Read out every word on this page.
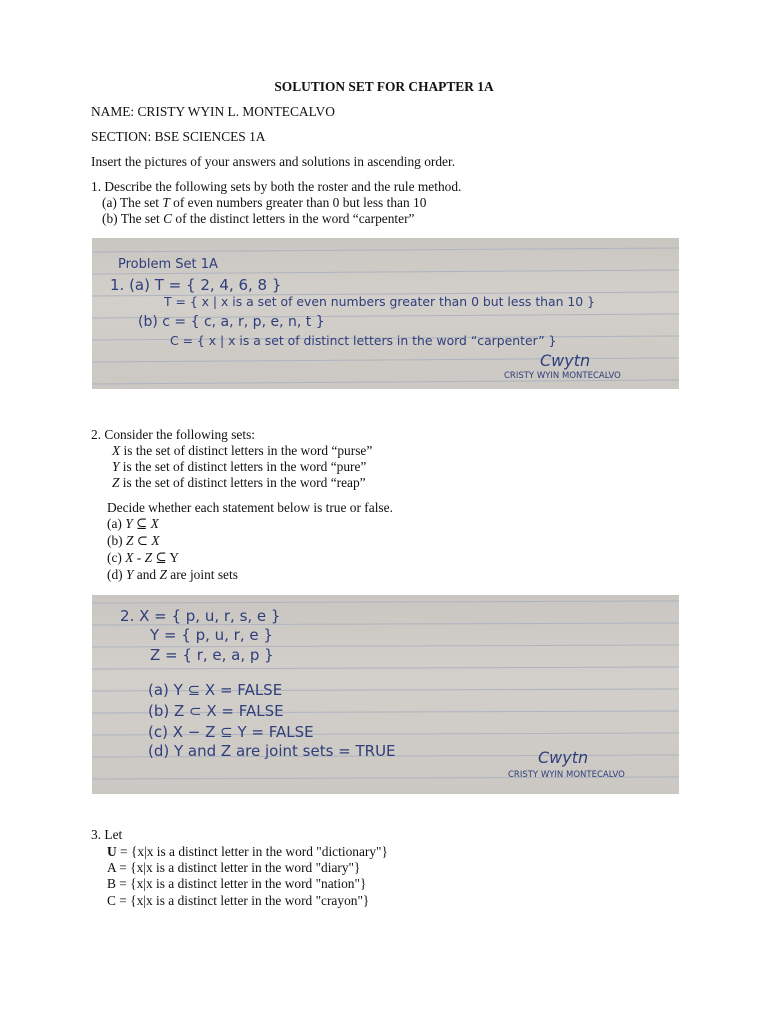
SOLUTION SET FOR CHAPTER 1A
NAME: CRISTY WYIN L. MONTECALVO
SECTION: BSE SCIENCES 1A
Insert the pictures of your answers and solutions in ascending order.
1. Describe the following sets by both the roster and the rule method.
(a) The set T of even numbers greater than 0 but less than 10
(b) The set C of the distinct letters in the word “carpenter”
Problem Set 1A
1. (a) T = { 2, 4, 6, 8 }
T = { x | x is a set of even numbers greater than 0 but less than 10 }
(b) c = { c, a, r, p, e, n, t }
C = { x | x is a set of distinct letters in the word “carpenter” }
Cwytn
CRISTY WYIN MONTECALVO
2. Consider the following sets:
X is the set of distinct letters in the word “purse”
Y is the set of distinct letters in the word “pure”
Z is the set of distinct letters in the word “reap”
Decide whether each statement below is true or false.
(a) Y ⊆ X
(b) Z ⊂ X
(c) X - Z ⊆ Y
(d) Y and Z are joint sets
2. X = { p, u, r, s, e }
Y = { p, u, r, e }
Z = { r, e, a, p }
(a) Y ⊆ X = FALSE
(b) Z ⊂ X = FALSE
(c) X − Z ⊆ Y = FALSE
(d) Y and Z are joint sets = TRUE	Cwytn
CRISTY WYIN MONTECALVO
3. Let
U = {x|x is a distinct letter in the word "dictionary"}
A = {x|x is a distinct letter in the word "diary"}
B = {x|x is a distinct letter in the word "nation"}
C = {x|x is a distinct letter in the word "crayon"}
